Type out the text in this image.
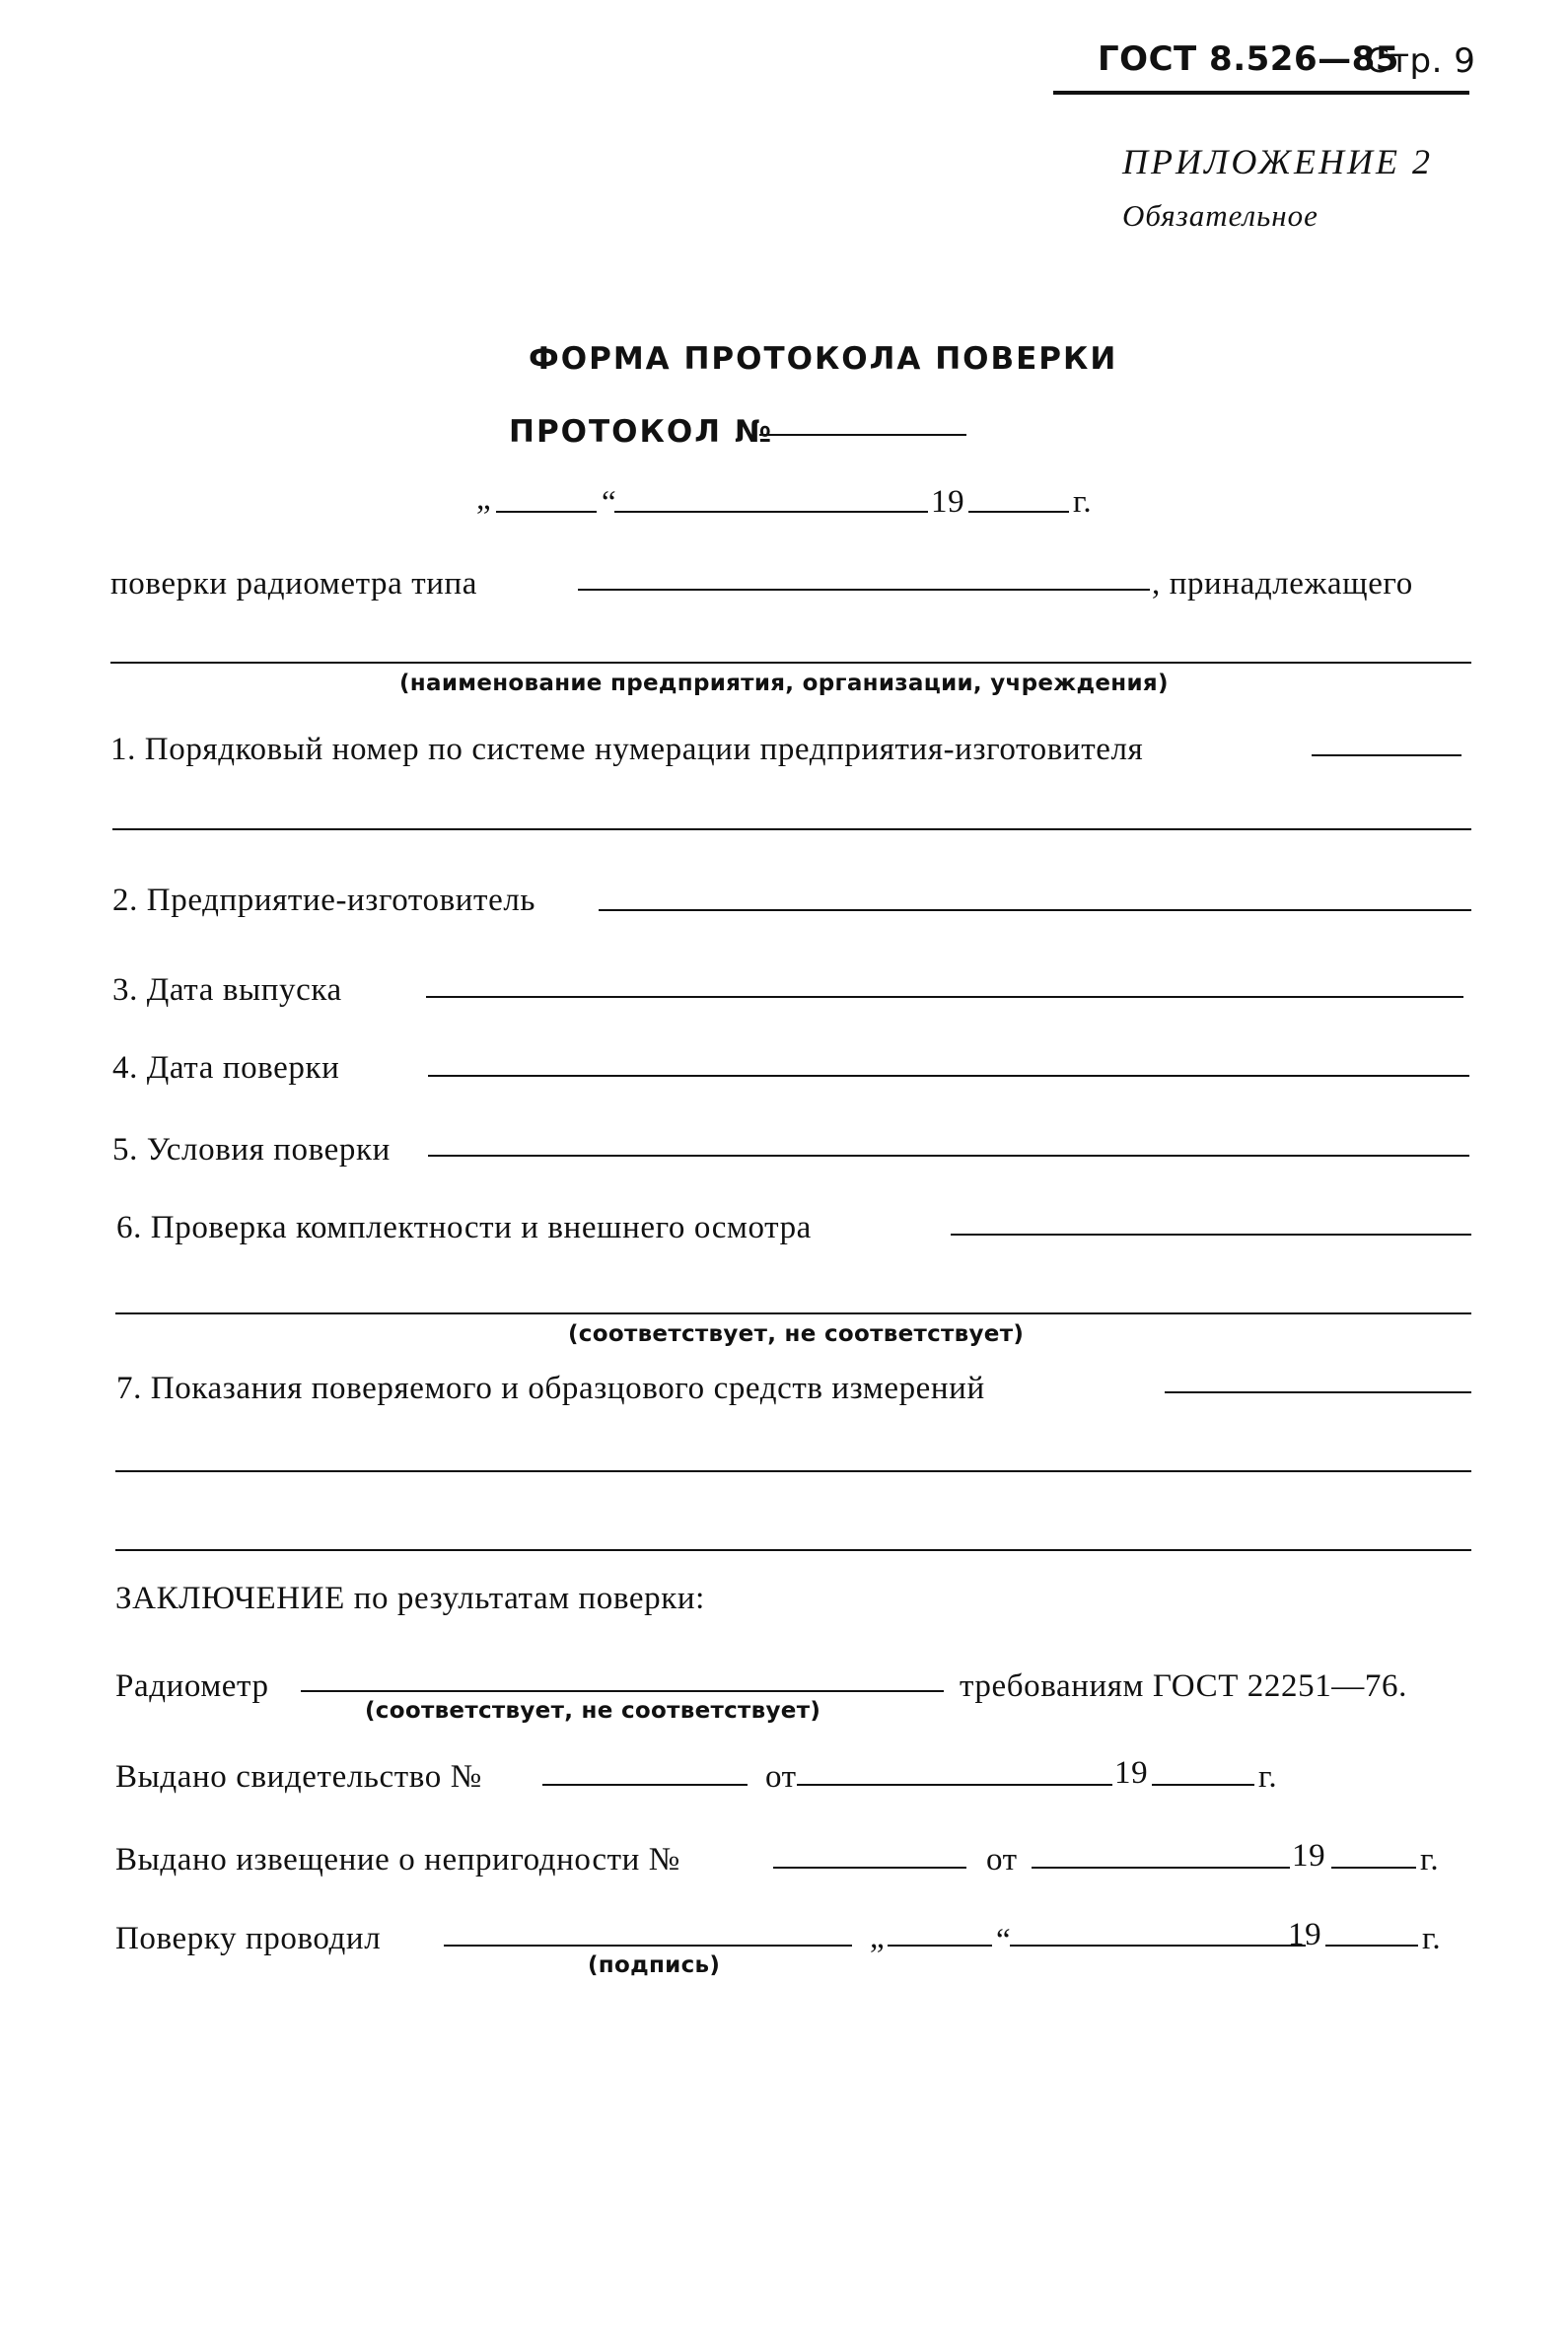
ГОСТ 8.526—85
Стр. 9
ПРИЛОЖЕНИЕ 2
Обязательное
ФОРМА ПРОТОКОЛА ПОВЕРКИ
ПРОТОКОЛ №
„	“	19	г.
поверки радиометра типа	, принадлежащего
(наименование предприятия, организации, учреждения)
1. Порядковый номер по системе нумерации предприятия-изготовителя
2. Предприятие-изготовитель
3. Дата выпуска
4. Дата поверки
5. Условия поверки
6. Проверка комплектности и внешнего осмотра
(соответствует, не соответствует)
7. Показания поверяемого и образцового средств измерений
ЗАКЛЮЧЕНИЕ по результатам поверки:
Радиометр
(соответствует, не соответствует)
требованиям ГОСТ 22251—76.
Выдано свидетельство №	от	19	г.
Выдано извещение о непригодности №	от	19	г.
Поверку проводил
(подпись)
„	“	19	г.
